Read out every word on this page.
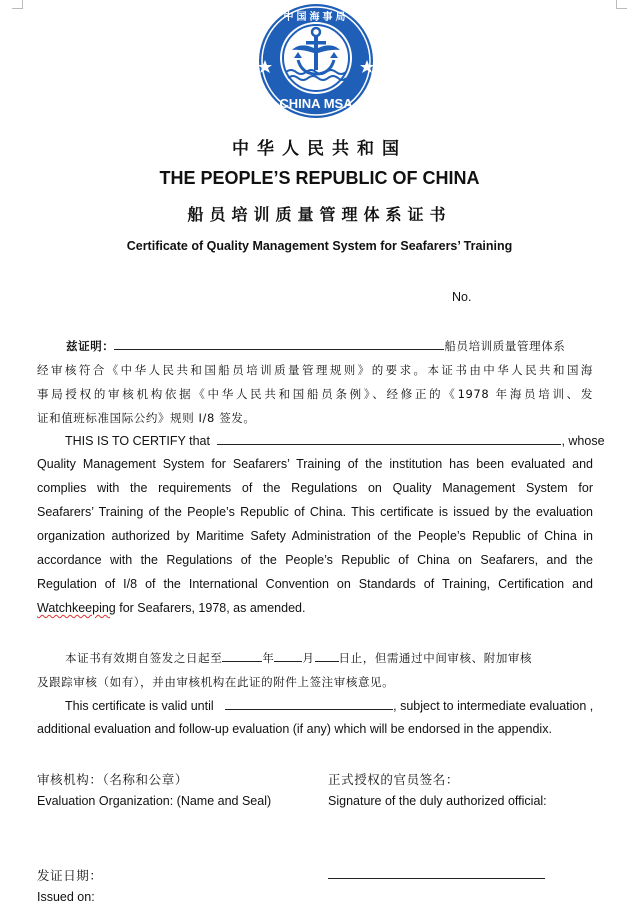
CHINA MSA
中国海事局
中华人民共和国
THE PEOPLE’S REPUBLIC OF CHINA
船员培训质量管理体系证书
Certificate of Quality Management System for Seafarers’ Training
No.
兹证明：	船员培训质量管理体系
经审核符合《中华人民共和国船员培训质量管理规则》的要求。本证书由中华人民共和国海
事局授权的审核机构依据《中华人民共和国船员条例》、经修正的《1978 年海员培训、发
证和值班标准国际公约》规则 I/8 签发。
THIS IS TO CERTIFY that	, whose
Quality Management System for Seafarers’ Training of the institution has been evaluated and
complies with the requirements of the Regulations on Quality Management System for
Seafarers’ Training of the People’s Republic of China. This certificate is issued by the evaluation
organization authorized by Maritime Safety Administration of the People’s Republic of China in
accordance with the Regulations of the People’s Republic of China on Seafarers, and the
Regulation of I/8 of the International Convention on Standards of Training, Certification and
Watchkeeping for Seafarers, 1978, as amended.
本证书有效期自签发之日起至	年 月 日止，但需通过中间审核、附加审核
及跟踪审核（如有），并由审核机构在此证的附件上签注审核意见。
This certificate is valid until	, subject to intermediate evaluation ,
additional evaluation and follow-up evaluation (if any) which will be endorsed in the appendix.
审核机构：（名称和公章）
Evaluation Organization: (Name and Seal)
正式授权的官员签名：
Signature of the duly authorized official:
发证日期：
Issued on:
